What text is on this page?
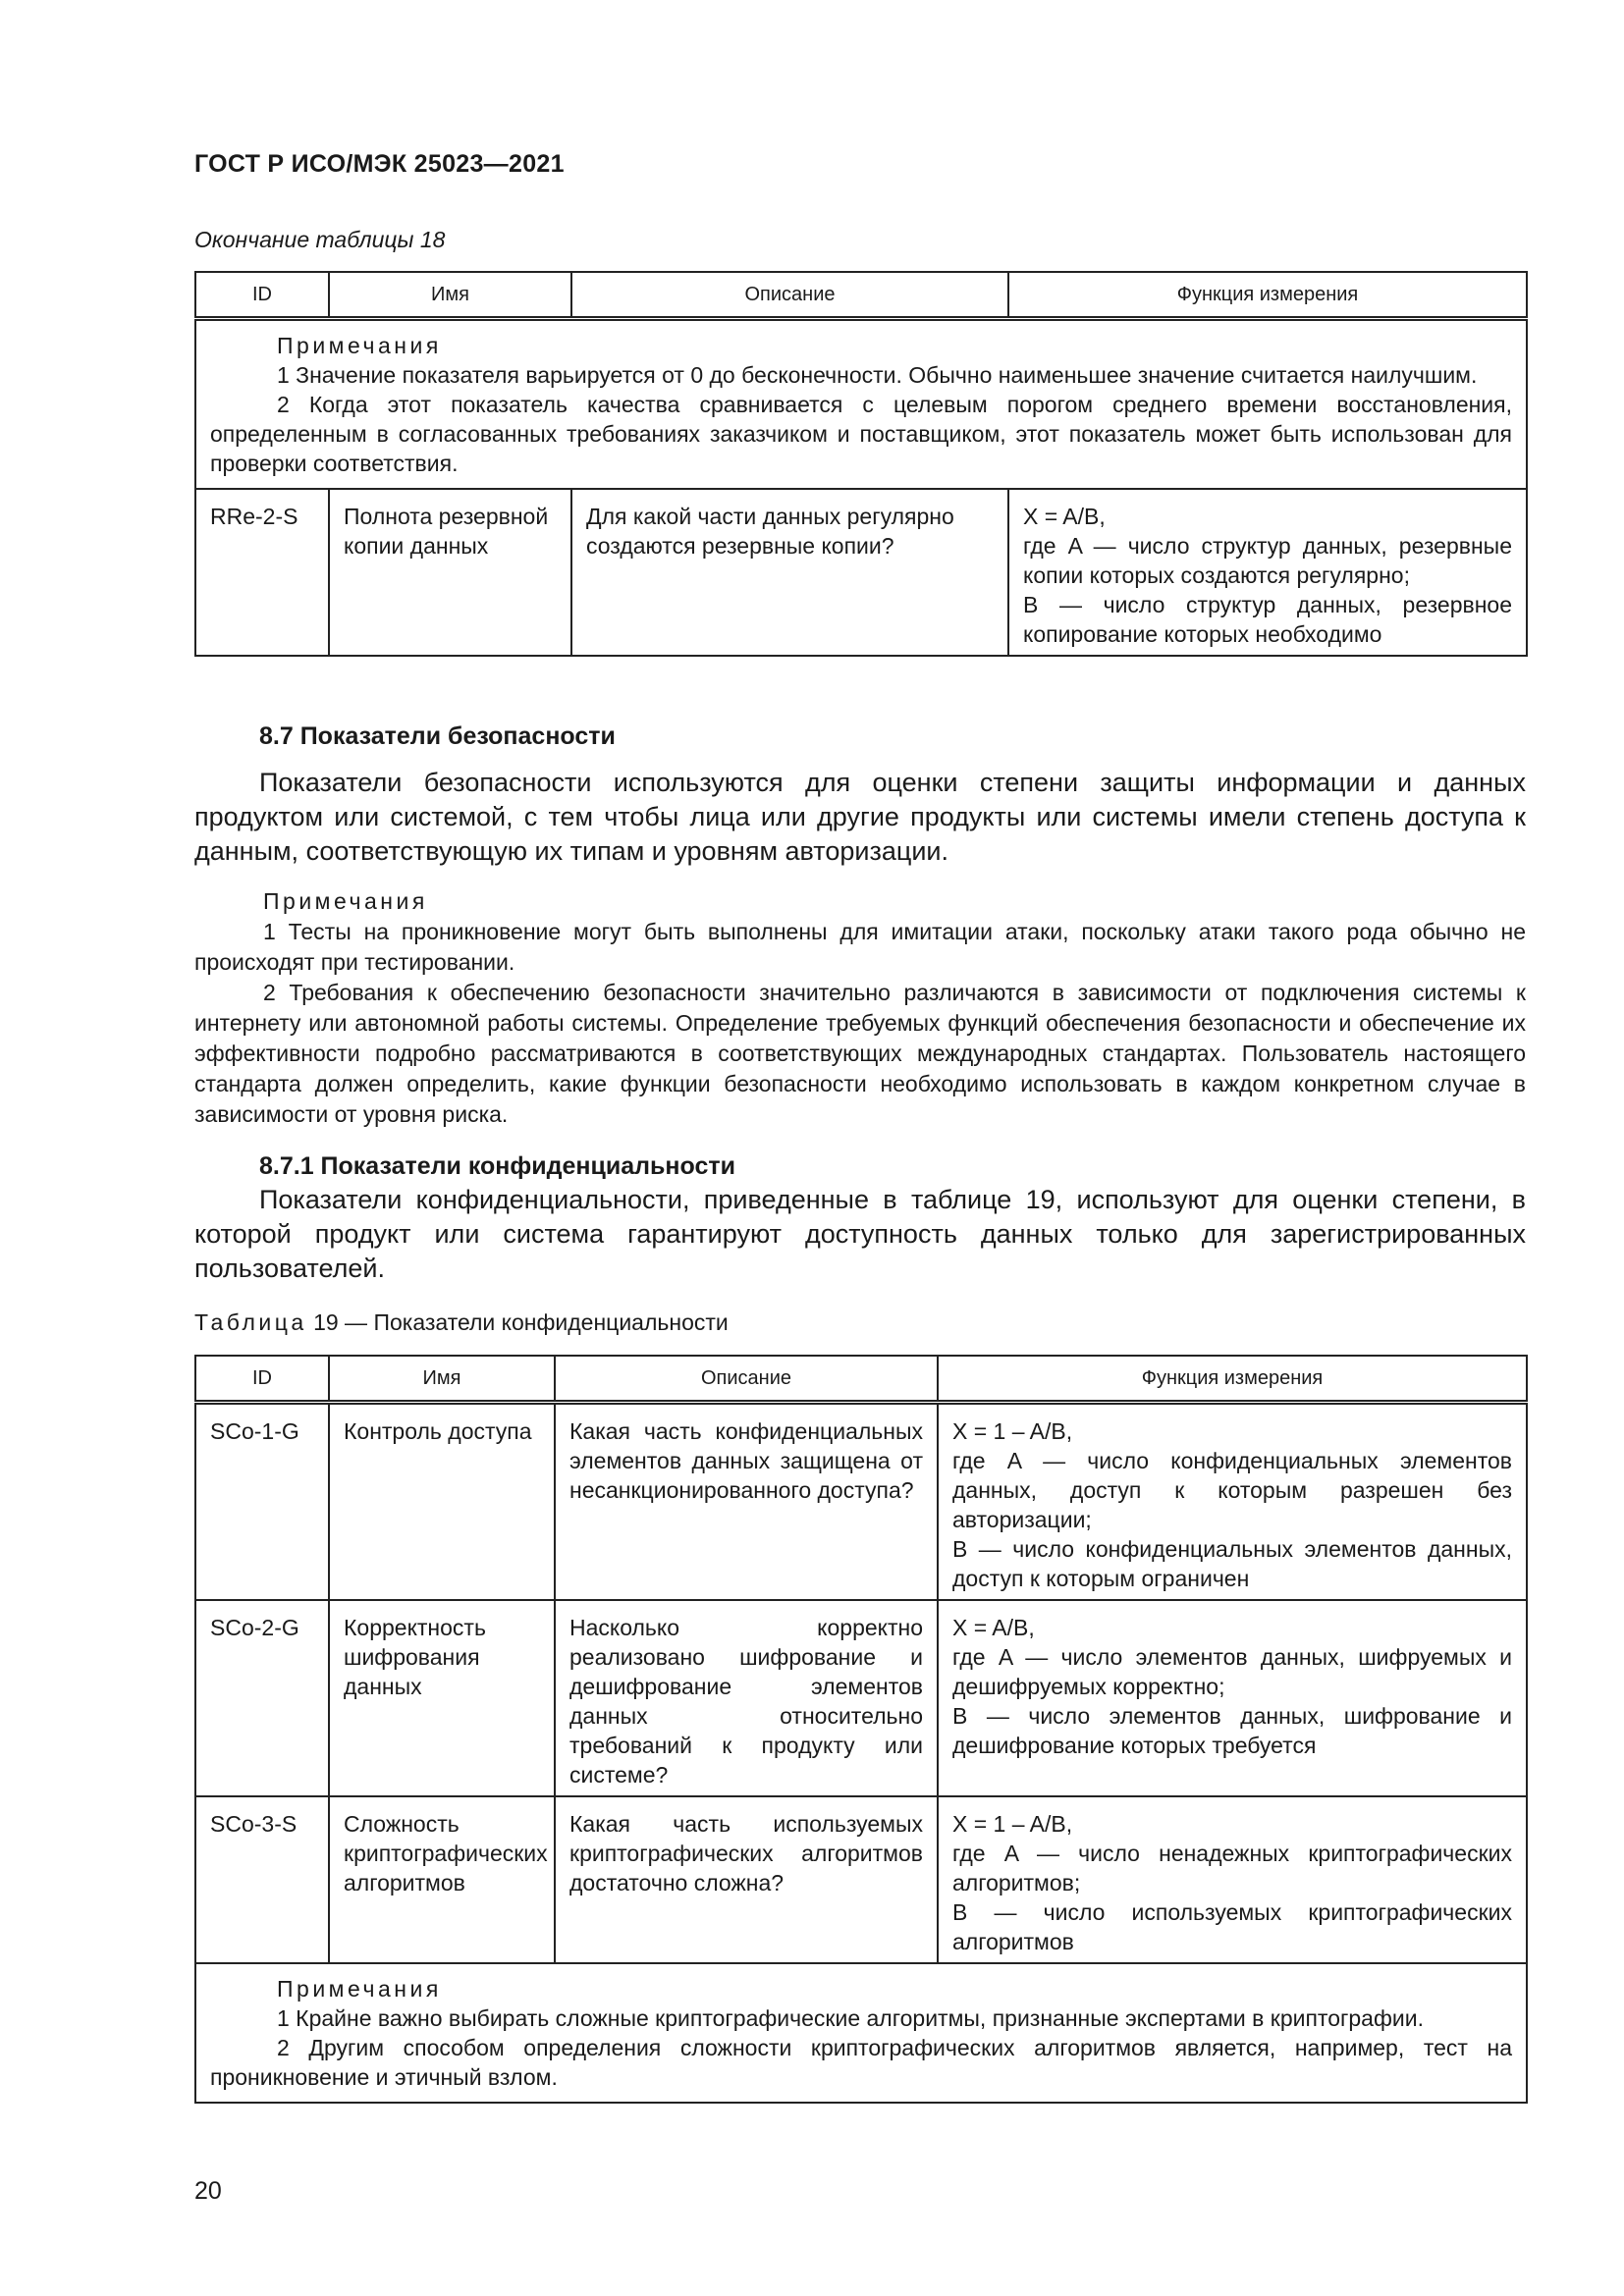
ГОСТ Р ИСО/МЭК 25023—2021
Окончание таблицы 18
ID	Имя	Описание	Функция измерения

Примечания
1 Значение показателя варьируется от 0 до бесконечности. Обычно наименьшее значение считается наилучшим.
2 Когда этот показатель качества сравнивается с целевым порогом среднего времени восстановления, определенным в согласованных требованиях заказчиком и поставщиком, этот показатель может быть использован для проверки соответствия.			

RRe-2-S	Полнота резервной копии данных	Для какой части данных регулярно создаются резервные копии?	X = A/B,
где A — число структур данных, резервные копии которых создаются регулярно;
B — число структур данных, резервное копирование которых необходимо
8.7 Показатели безопасности
Показатели безопасности используются для оценки степени защиты информации и данных продуктом или системой, с тем чтобы лица или другие продукты или системы имели степень доступа к данным, соответствующую их типам и уровням авторизации.
Примечания
1 Тесты на проникновение могут быть выполнены для имитации атаки, поскольку атаки такого рода обычно не происходят при тестировании.
2 Требования к обеспечению безопасности значительно различаются в зависимости от подключения системы к интернету или автономной работы системы. Определение требуемых функций обеспечения безопасности и обеспечение их эффективности подробно рассматриваются в соответствующих международных стандартах. Пользователь настоящего стандарта должен определить, какие функции безопасности необходимо использовать в каждом конкретном случае в зависимости от уровня риска.
8.7.1 Показатели конфиденциальности
Показатели конфиденциальности, приведенные в таблице 19, используют для оценки степени, в которой продукт или система гарантируют доступность данных только для зарегистрированных пользователей.
Таблица 19 — Показатели конфиденциальности
ID	Имя	Описание	Функция измерения
SCo-1-G	Контроль доступа	Какая часть конфиденциальных элементов данных защищена от несанкционированного доступа?	X = 1 – A/B,
где A — число конфиденциальных элементов данных, доступ к которым разрешен без авторизации;
B — число конфиденциальных элементов данных, доступ к которым ограничен
SCo-2-G	Корректность шифрования данных	Насколько корректно реализовано шифрование и дешифрование элементов данных относительно требований к продукту или системе?	X = A/B,
где A — число элементов данных, шифруемых и дешифруемых корректно;
B — число элементов данных, шифрование и дешифрование которых требуется
SCo-3-S	Сложность криптографических алгоритмов	Какая часть используемых криптографических алгоритмов достаточно сложна?	X = 1 – A/B,
где A — число ненадежных криптографических алгоритмов;
B — число используемых криптографических алгоритмов

Примечания
1 Крайне важно выбирать сложные криптографические алгоритмы, признанные экспертами в криптографии.
2 Другим способом определения сложности криптографических алгоритмов является, например, тест на проникновение и этичный взлом.			
20
